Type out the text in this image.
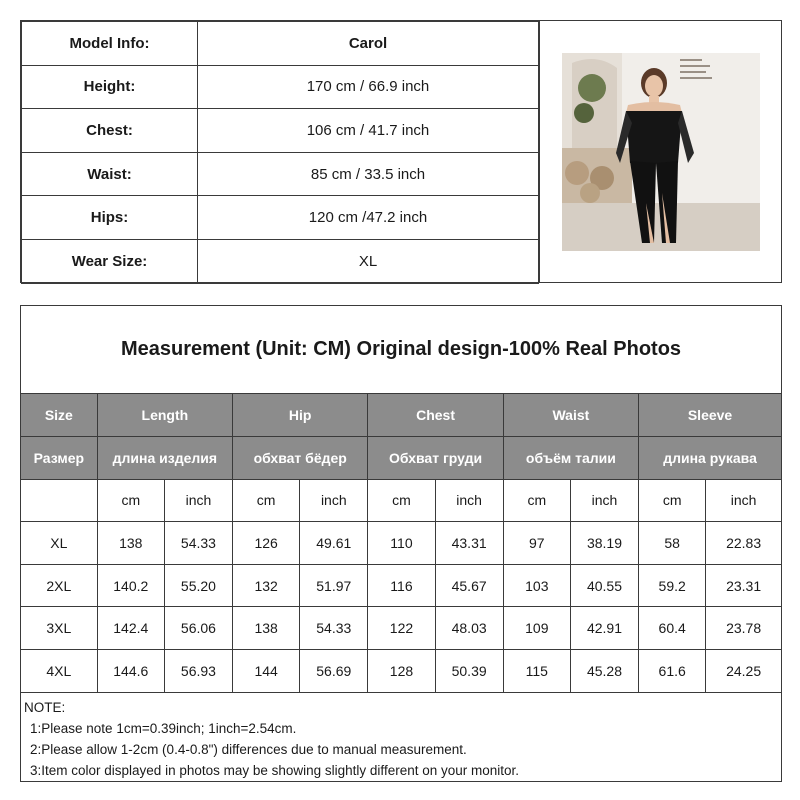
Model Info:	Carol
Height:	170 cm / 66.9 inch
Chest:	106 cm / 41.7 inch
Waist:	85 cm / 33.5 inch
Hips:	120 cm /47.2 inch
Wear Size:	XL
Measurement (Unit: CM) Original design-100% Real Photos
Size	Length		Hip		Chest		Waist		Sleeve	
Размер	длина изделия		обхват бёдер		Обхват груди		объём талии		длина рукава	
	cm	inch	cm	inch	cm	inch	cm	inch	cm	inch
XL	138	54.33	126	49.61	110	43.31	97	38.19	58	22.83
2XL	140.2	55.20	132	51.97	116	45.67	103	40.55	59.2	23.31
3XL	142.4	56.06	138	54.33	122	48.03	109	42.91	60.4	23.78
4XL	144.6	56.93	144	56.69	128	50.39	115	45.28	61.6	24.25
NOTE:
1:Please note 1cm=0.39inch; 1inch=2.54cm.
2:Please allow 1-2cm (0.4-0.8") differences due to manual measurement.
3:Item color displayed in photos may be showing slightly different on your monitor.
